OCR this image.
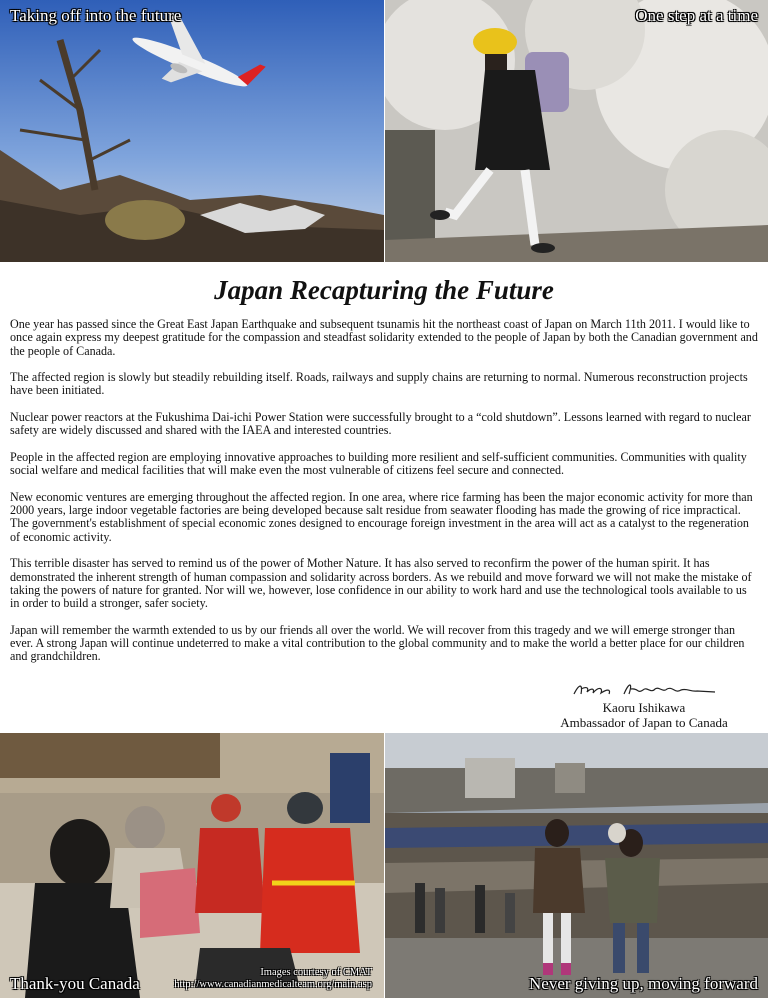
Taking off into the future	One step at a time
Japan Recapturing the Future

One year has passed since the Great East Japan Earthquake and subsequent tsunamis hit the northeast coast of Japan on March 11th 2011. I would like to once again express my deepest gratitude for the compassion and steadfast solidarity extended to the people of Japan by both the Canadian government and the people of Canada.

The affected region is slowly but steadily rebuilding itself. Roads, railways and supply chains are returning to normal. Numerous reconstruction projects have been initiated.

Nuclear power reactors at the Fukushima Dai-ichi Power Station were successfully brought to a “cold shutdown”. Lessons learned with regard to nuclear safety are widely discussed and shared with the IAEA and interested countries.

People in the affected region are employing innovative approaches to building more resilient and self-sufficient communities. Communities with quality social welfare and medical facilities that will make even the most vulnerable of citizens feel secure and connected.

New economic ventures are emerging throughout the affected region. In one area, where rice farming has been the major economic activity for more than 2000 years, large indoor vegetable factories are being developed because salt residue from seawater flooding has made the growing of rice impractical. The government's establishment of special economic zones designed to encourage foreign investment in the area will act as a catalyst to the regeneration of economic activity.

This terrible disaster has served to remind us of the power of Mother Nature. It has also served to reconfirm the power of the human spirit. It has demonstrated the inherent strength of human compassion and solidarity across borders. As we rebuild and move forward we will not make the mistake of taking the powers of nature for granted. Nor will we, however, lose confidence in our ability to work hard and use the technological tools available to us in order to build a stronger, safer society.

Japan will remember the warmth extended to us by our friends all over the world. We will recover from this tragedy and we will emerge stronger than ever. A strong Japan will continue undeterred to make a vital contribution to the global community and to make the world a better place for our children and grandchildren.

Kaoru Ishikawa
Ambassador of Japan to Canada
Thank-you Canada
Images courtesy of CMAT
http://www.canadianmedicalteam.org/main.asp	Never giving up, moving forward
